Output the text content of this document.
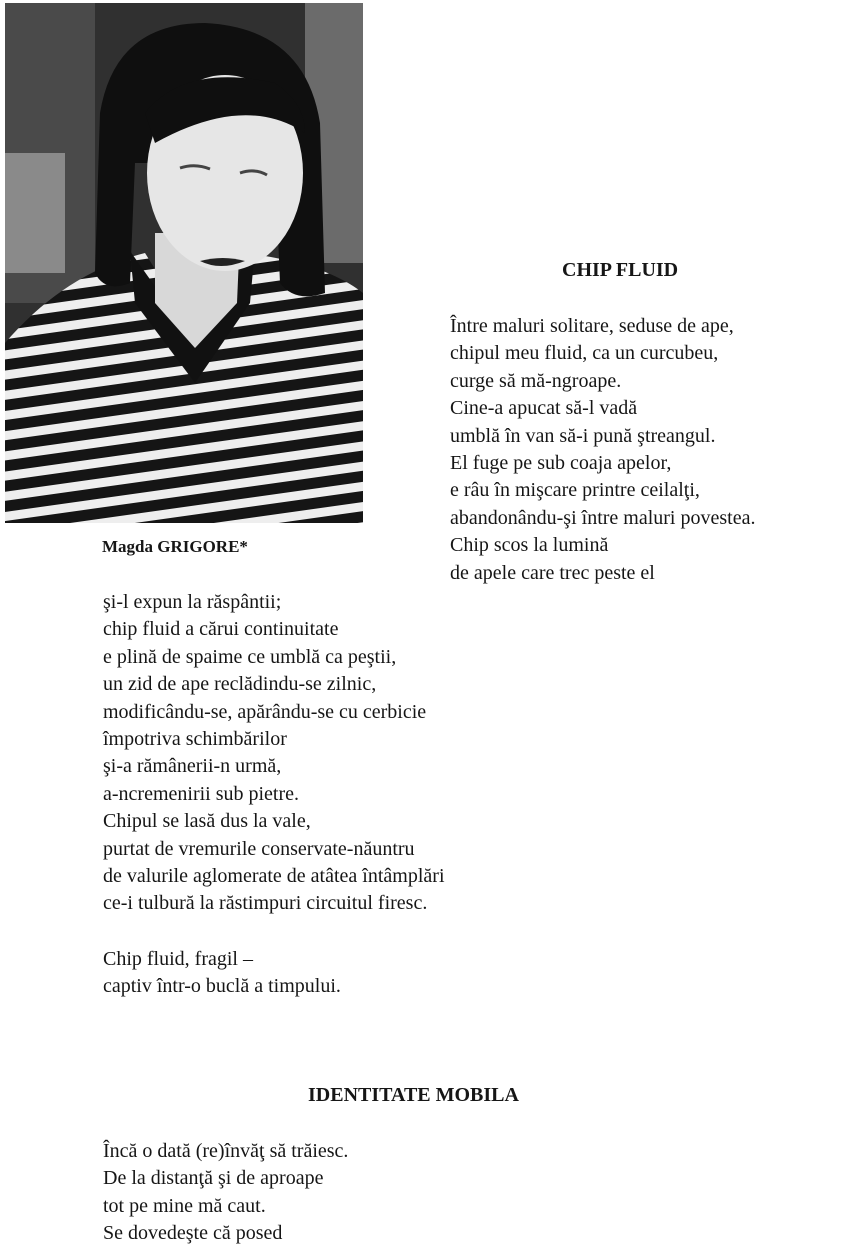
Magda GRIGORE*
CHIP FLUID
Între maluri solitare, seduse de ape,
chipul meu fluid, ca un curcubeu,
curge să mă-ngroape.
Cine-a apucat să-l vadă
umblă în van să-i pună ştreangul.
El fuge pe sub coaja apelor,
e râu în mişcare printre ceilalţi,
abandonându-şi între maluri povestea.
Chip scos la lumină
de apele care trec peste el
şi-l expun la răspântii;
chip fluid a cărui continuitate
e plină de spaime ce umblă ca peştii,
un zid de ape reclădindu-se zilnic,
modificându-se, apărându-se cu cerbicie
împotriva schimbărilor
şi-a rămânerii-n urmă,
a-ncremenirii sub pietre.
Chipul se lasă dus la vale,
purtat de vremurile conservate-năuntru
de valurile aglomerate de atâtea întâmplări
ce-i tulbură la răstimpuri circuitul firesc.
Chip fluid, fragil –
captiv într-o buclă a timpului.
IDENTITATE MOBILA
Încă o dată (re)învăţ să trăiesc.
De la distanţă şi de aproape
tot pe mine mă caut.
Se dovedeşte că posed
